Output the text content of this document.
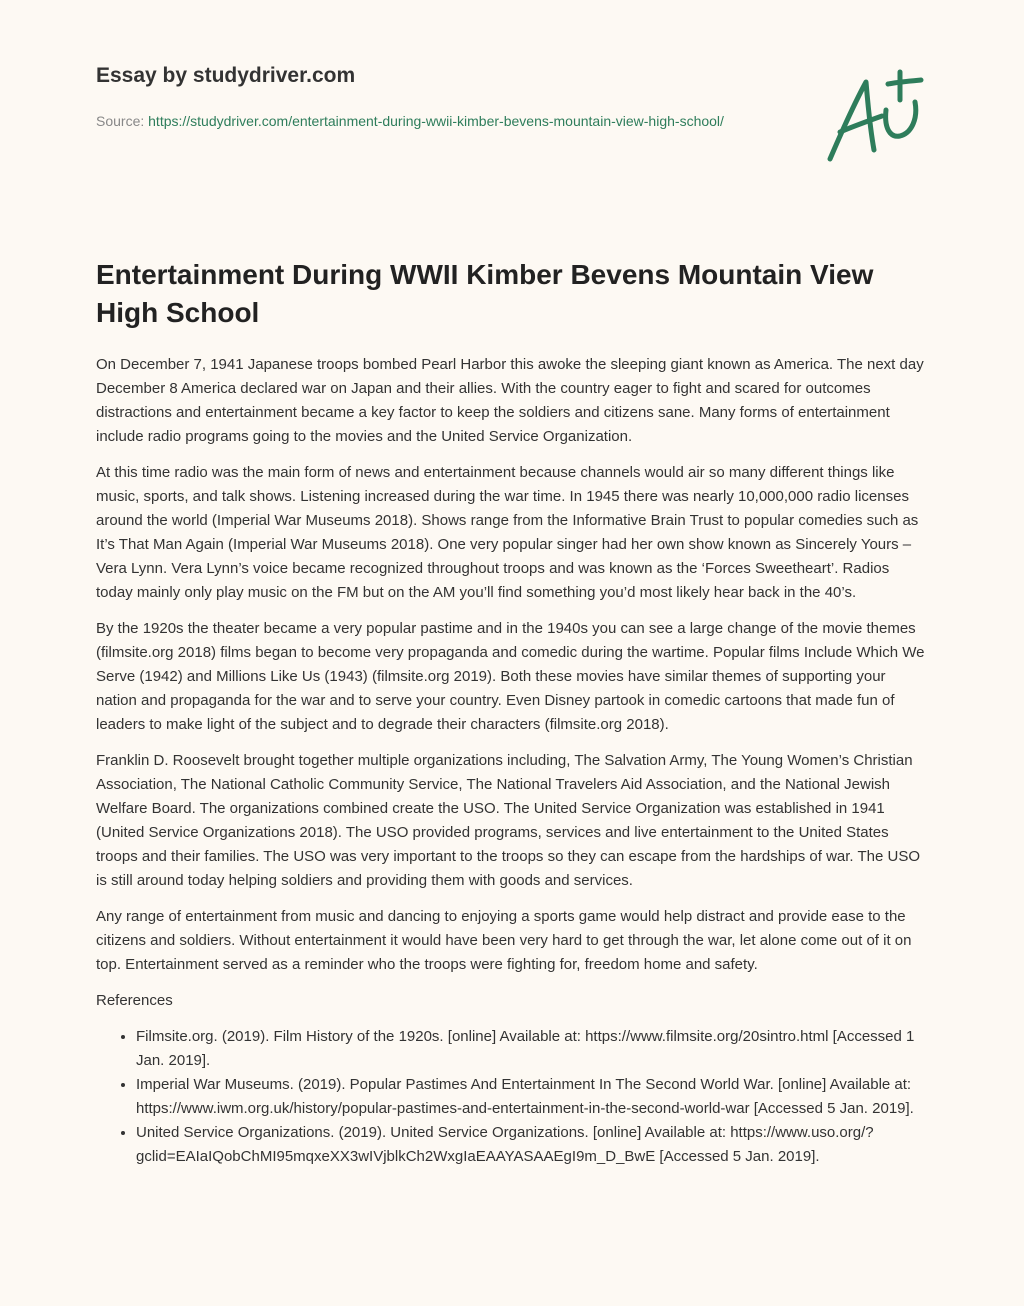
Essay by studydriver.com
Source: https://studydriver.com/entertainment-during-wwii-kimber-bevens-mountain-view-high-school/
Entertainment During WWII Kimber Bevens Mountain View High School

On December 7, 1941 Japanese troops bombed Pearl Harbor this awoke the sleeping giant known as America. The next day December 8 America declared war on Japan and their allies. With the country eager to fight and scared for outcomes distractions and entertainment became a key factor to keep the soldiers and citizens sane. Many forms of entertainment include radio programs going to the movies and the United Service Organization.

At this time radio was the main form of news and entertainment because channels would air so many different things like music, sports, and talk shows. Listening increased during the war time. In 1945 there was nearly 10,000,000 radio licenses around the world (Imperial War Museums 2018). Shows range from the Informative Brain Trust to popular comedies such as It’s That Man Again (Imperial War Museums 2018). One very popular singer had her own show known as Sincerely Yours – Vera Lynn. Vera Lynn’s voice became recognized throughout troops and was known as the ‘Forces Sweetheart’. Radios today mainly only play music on the FM but on the AM you’ll find something you’d most likely hear back in the 40’s.

By the 1920s the theater became a very popular pastime and in the 1940s you can see a large change of the movie themes (filmsite.org 2018) films began to become very propaganda and comedic during the wartime. Popular films Include Which We Serve (1942) and Millions Like Us (1943) (filmsite.org 2019). Both these movies have similar themes of supporting your nation and propaganda for the war and to serve your country. Even Disney partook in comedic cartoons that made fun of leaders to make light of the subject and to degrade their characters (filmsite.org 2018).

Franklin D. Roosevelt brought together multiple organizations including, The Salvation Army, The Young Women’s Christian Association, The National Catholic Community Service, The National Travelers Aid Association, and the National Jewish Welfare Board. The organizations combined create the USO. The United Service Organization was established in 1941 (United Service Organizations 2018). The USO provided programs, services and live entertainment to the United States troops and their families. The USO was very important to the troops so they can escape from the hardships of war. The USO is still around today helping soldiers and providing them with goods and services.

Any range of entertainment from music and dancing to enjoying a sports game would help distract and provide ease to the citizens and soldiers. Without entertainment it would have been very hard to get through the war, let alone come out of it on top. Entertainment served as a reminder who the troops were fighting for, freedom home and safety.

References

• Filmsite.org. (2019). Film History of the 1920s. [online] Available at: https://www.filmsite.org/20sintro.html [Accessed 1 Jan. 2019].
• Imperial War Museums. (2019). Popular Pastimes And Entertainment In The Second World War. [online] Available at: https://www.iwm.org.uk/history/popular-pastimes-and-entertainment-in-the-second-world-war [Accessed 5 Jan. 2019].
• United Service Organizations. (2019). United Service Organizations. [online] Available at: https://www.uso.org/?gclid=EAIaIQobChMI95mqxeXX3wIVjblkCh2WxgIaEAAYASAAEgI9m_D_BwE [Accessed 5 Jan. 2019].
